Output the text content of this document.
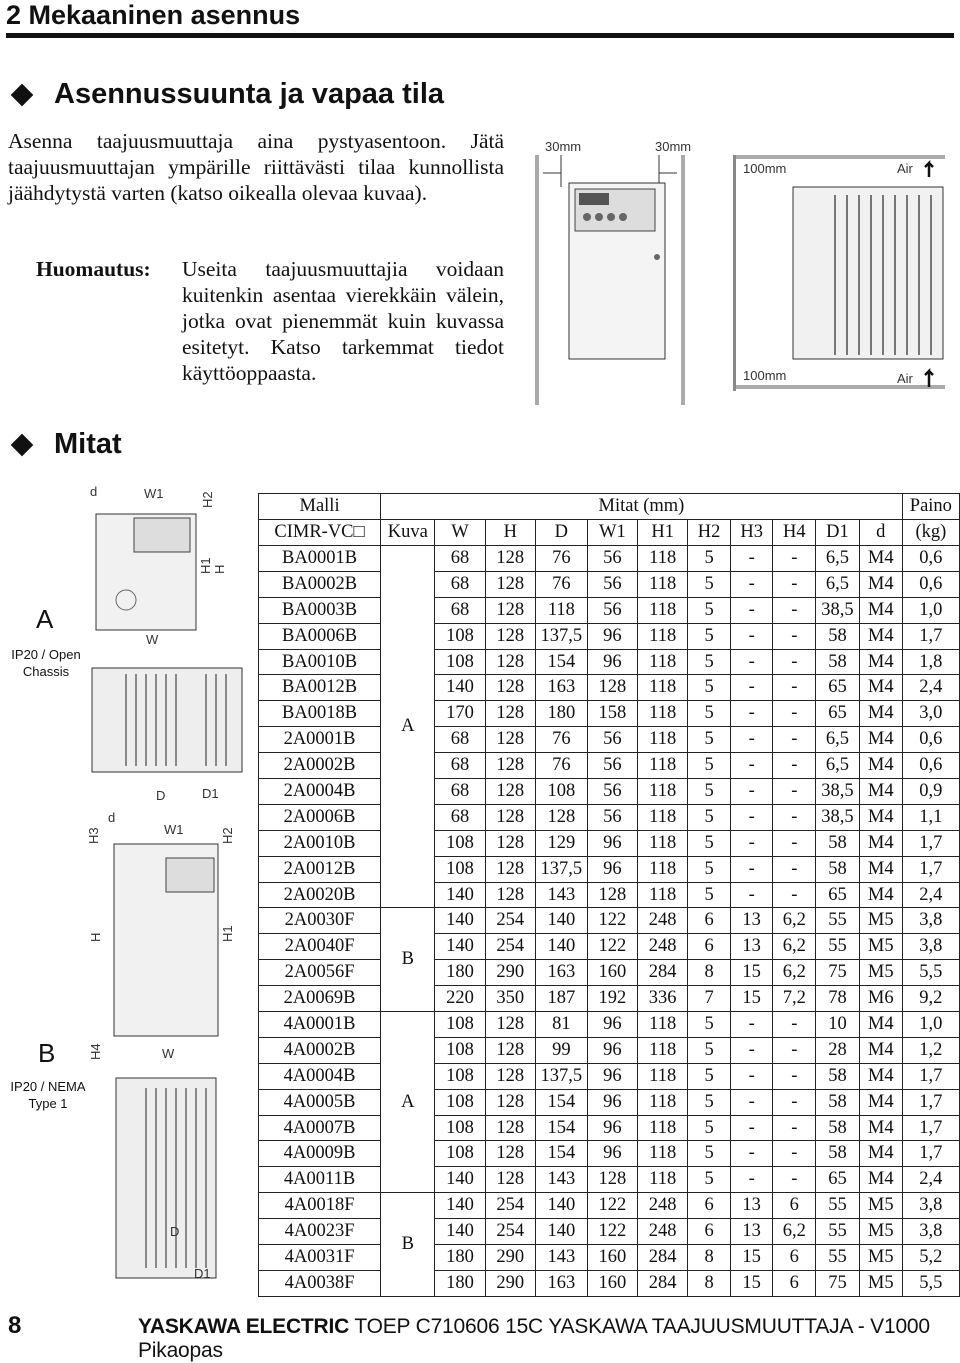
2 Mekaaninen asennus
Asennussuunta ja vapaa tila
Asenna taajuusmuuttaja aina pystyasentoon. Jätä taajuusmuuttajan ympärille riittävästi tilaa kunnollista jäähdytystä varten (katso oikealla olevaa kuvaa).
Huomautus:	Useita taajuusmuuttajia voidaan kuitenkin asentaa vierekkäin välein, jotka ovat pienemmät kuin kuvassa esitetyt. Katso tarkemmat tiedot käyttöoppaasta.
30mm	30mm
100mm
100mm
Air
Air
Mitat
A
IP20 / Open
Chassis
d	W1	H2
H1 H
W
D	D1
B
IP20 / NEMA
Type 1
d
W1	H2
H3
H	H1
H4	W
D
D1
Malli	Mitat (mm)											Paino
CIMR-VC□	Kuva	W	H	D	W1	H1	H2	H3	H4	D1	d	(kg)
BA0001B	A	68	128	76	56	118	5	-	-	6,5	M4	0,6
BA0002B		68	128	76	56	118	5	-	-	6,5	M4	0,6
BA0003B		68	128	118	56	118	5	-	-	38,5	M4	1,0
BA0006B		108	128	137,5	96	118	5	-	-	58	M4	1,7
BA0010B		108	128	154	96	118	5	-	-	58	M4	1,8
BA0012B		140	128	163	128	118	5	-	-	65	M4	2,4
BA0018B		170	128	180	158	118	5	-	-	65	M4	3,0
2A0001B		68	128	76	56	118	5	-	-	6,5	M4	0,6
2A0002B		68	128	76	56	118	5	-	-	6,5	M4	0,6
2A0004B		68	128	108	56	118	5	-	-	38,5	M4	0,9
2A0006B		68	128	128	56	118	5	-	-	38,5	M4	1,1
2A0010B		108	128	129	96	118	5	-	-	58	M4	1,7
2A0012B		108	128	137,5	96	118	5	-	-	58	M4	1,7
2A0020B		140	128	143	128	118	5	-	-	65	M4	2,4
2A0030F	B	140	254	140	122	248	6	13	6,2	55	M5	3,8
2A0040F		140	254	140	122	248	6	13	6,2	55	M5	3,8
2A0056F		180	290	163	160	284	8	15	6,2	75	M5	5,5
2A0069B		220	350	187	192	336	7	15	7,2	78	M6	9,2
4A0001B	A	108	128	81	96	118	5	-	-	10	M4	1,0
4A0002B		108	128	99	96	118	5	-	-	28	M4	1,2
4A0004B		108	128	137,5	96	118	5	-	-	58	M4	1,7
4A0005B		108	128	154	96	118	5	-	-	58	M4	1,7
4A0007B		108	128	154	96	118	5	-	-	58	M4	1,7
4A0009B		108	128	154	96	118	5	-	-	58	M4	1,7
4A0011B		140	128	143	128	118	5	-	-	65	M4	2,4
4A0018F	B	140	254	140	122	248	6	13	6	55	M5	3,8
4A0023F		140	254	140	122	248	6	13	6,2	55	M5	3,8
4A0031F		180	290	143	160	284	8	15	6	55	M5	5,2
4A0038F		180	290	163	160	284	8	15	6	75	M5	5,5
8	YASKAWA ELECTRIC TOEP C710606 15C YASKAWA TAAJUUSMUUTTAJA - V1000 Pikaopas
